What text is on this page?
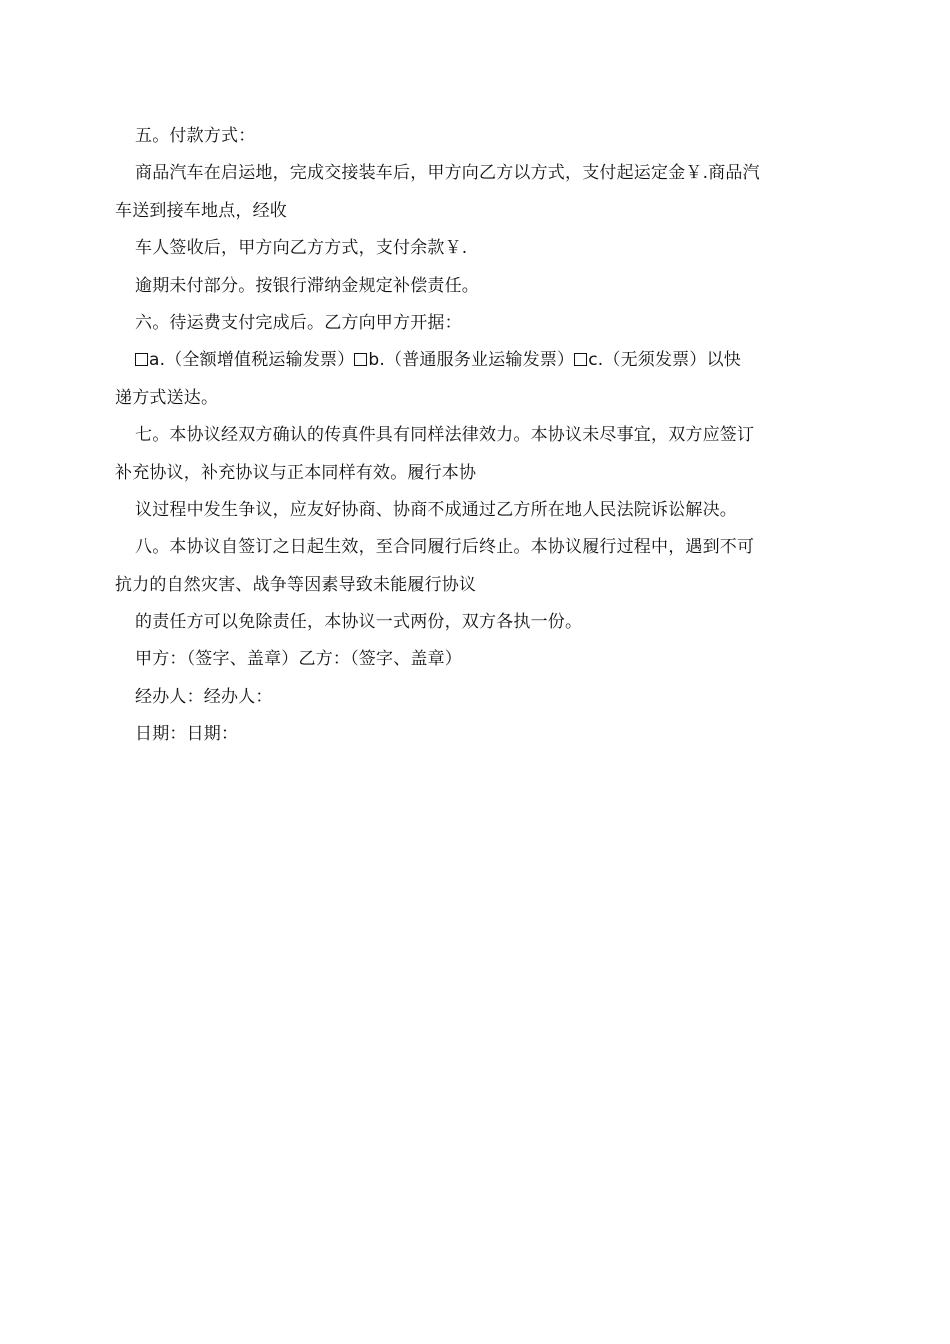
五。付款方式：
商品汽车在启运地，完成交接装车后，甲方向乙方以方式，支付起运定金￥.商品汽
车送到接车地点，经收
车人签收后，甲方向乙方方式，支付余款￥.
逾期未付部分。按银行滞纳金规定补偿责任。
六。待运费支付完成后。乙方向甲方开据：
a.（全额增值税运输发票） b.（普通服务业运输发票） c.（无须发票）以快
递方式送达。
七。本协议经双方确认的传真件具有同样法律效力。本协议未尽事宜，双方应签订
补充协议，补充协议与正本同样有效。履行本协
议过程中发生争议，应友好协商、协商不成通过乙方所在地人民法院诉讼解决。
八。本协议自签订之日起生效，至合同履行后终止。本协议履行过程中，遇到不可
抗力的自然灾害、战争等因素导致未能履行协议
的责任方可以免除责任，本协议一式两份，双方各执一份。
甲方：（签字、盖章）乙方：（签字、盖章）
经办人：经办人：
日期：日期：
